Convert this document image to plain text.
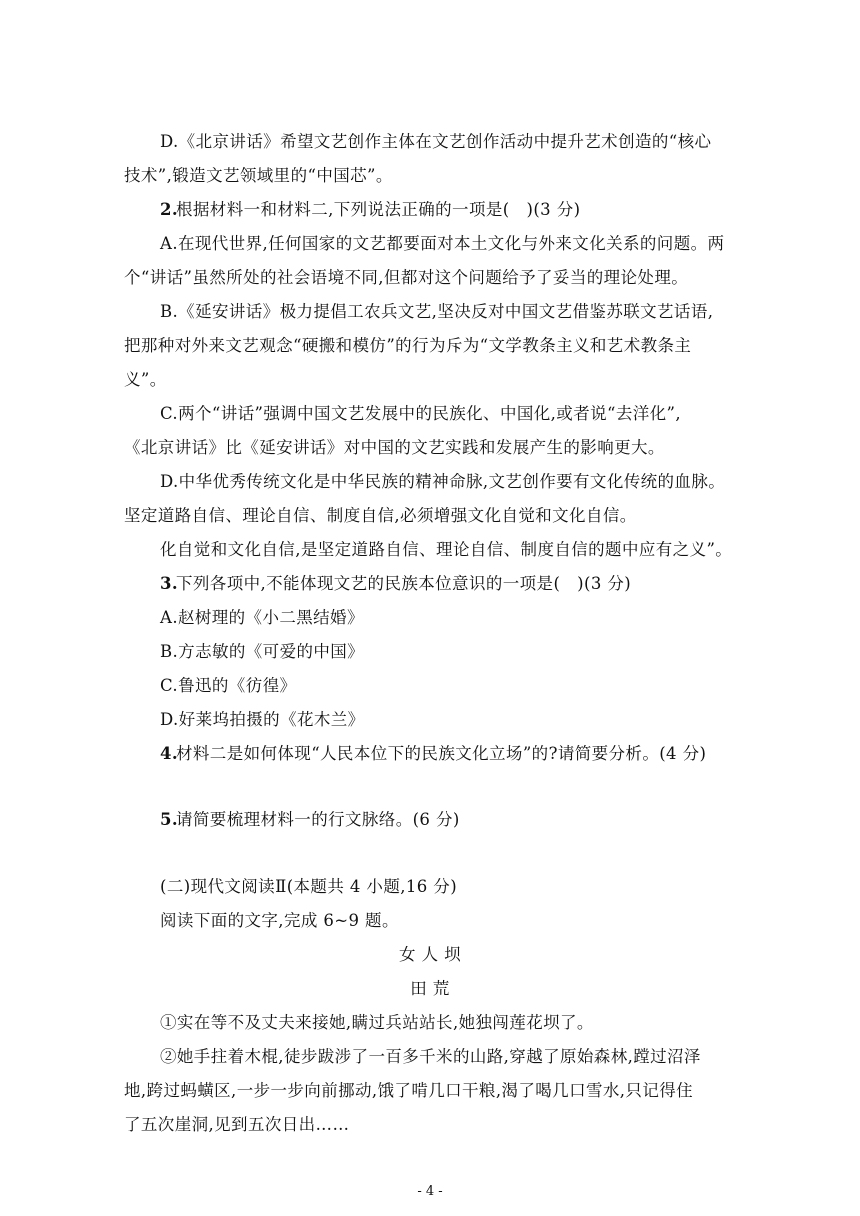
D.《北京讲话》希望文艺创作主体在文艺创作活动中提升艺术创造的“核心
技术”,锻造文艺领域里的“中国芯”。
2.
根据材料一和材料二,下列说法正确的一项是(　)(3 分)
A.在现代世界,任何国家的文艺都要面对本土文化与外来文化关系的问题。两
个“讲话”虽然所处的社会语境不同,但都对这个问题给予了妥当的理论处理。
B.《延安讲话》极力提倡工农兵文艺,坚决反对中国文艺借鉴苏联文艺话语,
把那种对外来文艺观念“硬搬和模仿”的行为斥为“文学教条主义和艺术教条主
义”。
C.两个“讲话”强调中国文艺发展中的民族化、中国化,或者说“去洋化”,
《北京讲话》比《延安讲话》对中国的文艺实践和发展产生的影响更大。
D.中华优秀传统文化是中华民族的精神命脉,文艺创作要有文化传统的血脉。
坚定道路自信、理论自信、制度自信,必须增强文化自觉和文化自信。
化自觉和文化自信,是坚定道路自信、理论自信、制度自信的题中应有之义”。
3.
下列各项中,不能体现文艺的民族本位意识的一项是(　)(3 分)
A.赵树理的《小二黑结婚》
B.方志敏的《可爱的中国》
C.鲁迅的《彷徨》
D.好莱坞拍摄的《花木兰》
4.
材料二是如何体现“人民本位下的民族文化立场”的?请简要分析。(4 分)
5.
请简要梳理材料一的行文脉络。(6 分)
(二)现代文阅读Ⅱ(本题共 4 小题,16 分)
阅读下面的文字,完成 6~9 题。
女 人 坝
田 荒
①实在等不及丈夫来接她,瞒过兵站站长,她独闯莲花坝了。
②她手拄着木棍,徒步跋涉了一百多千米的山路,穿越了原始森林,蹚过沼泽
地,跨过蚂蟥区,一步一步向前挪动,饿了啃几口干粮,渴了喝几口雪水,只记得住
了五次崖洞,见到五次日出……
- 4 -
